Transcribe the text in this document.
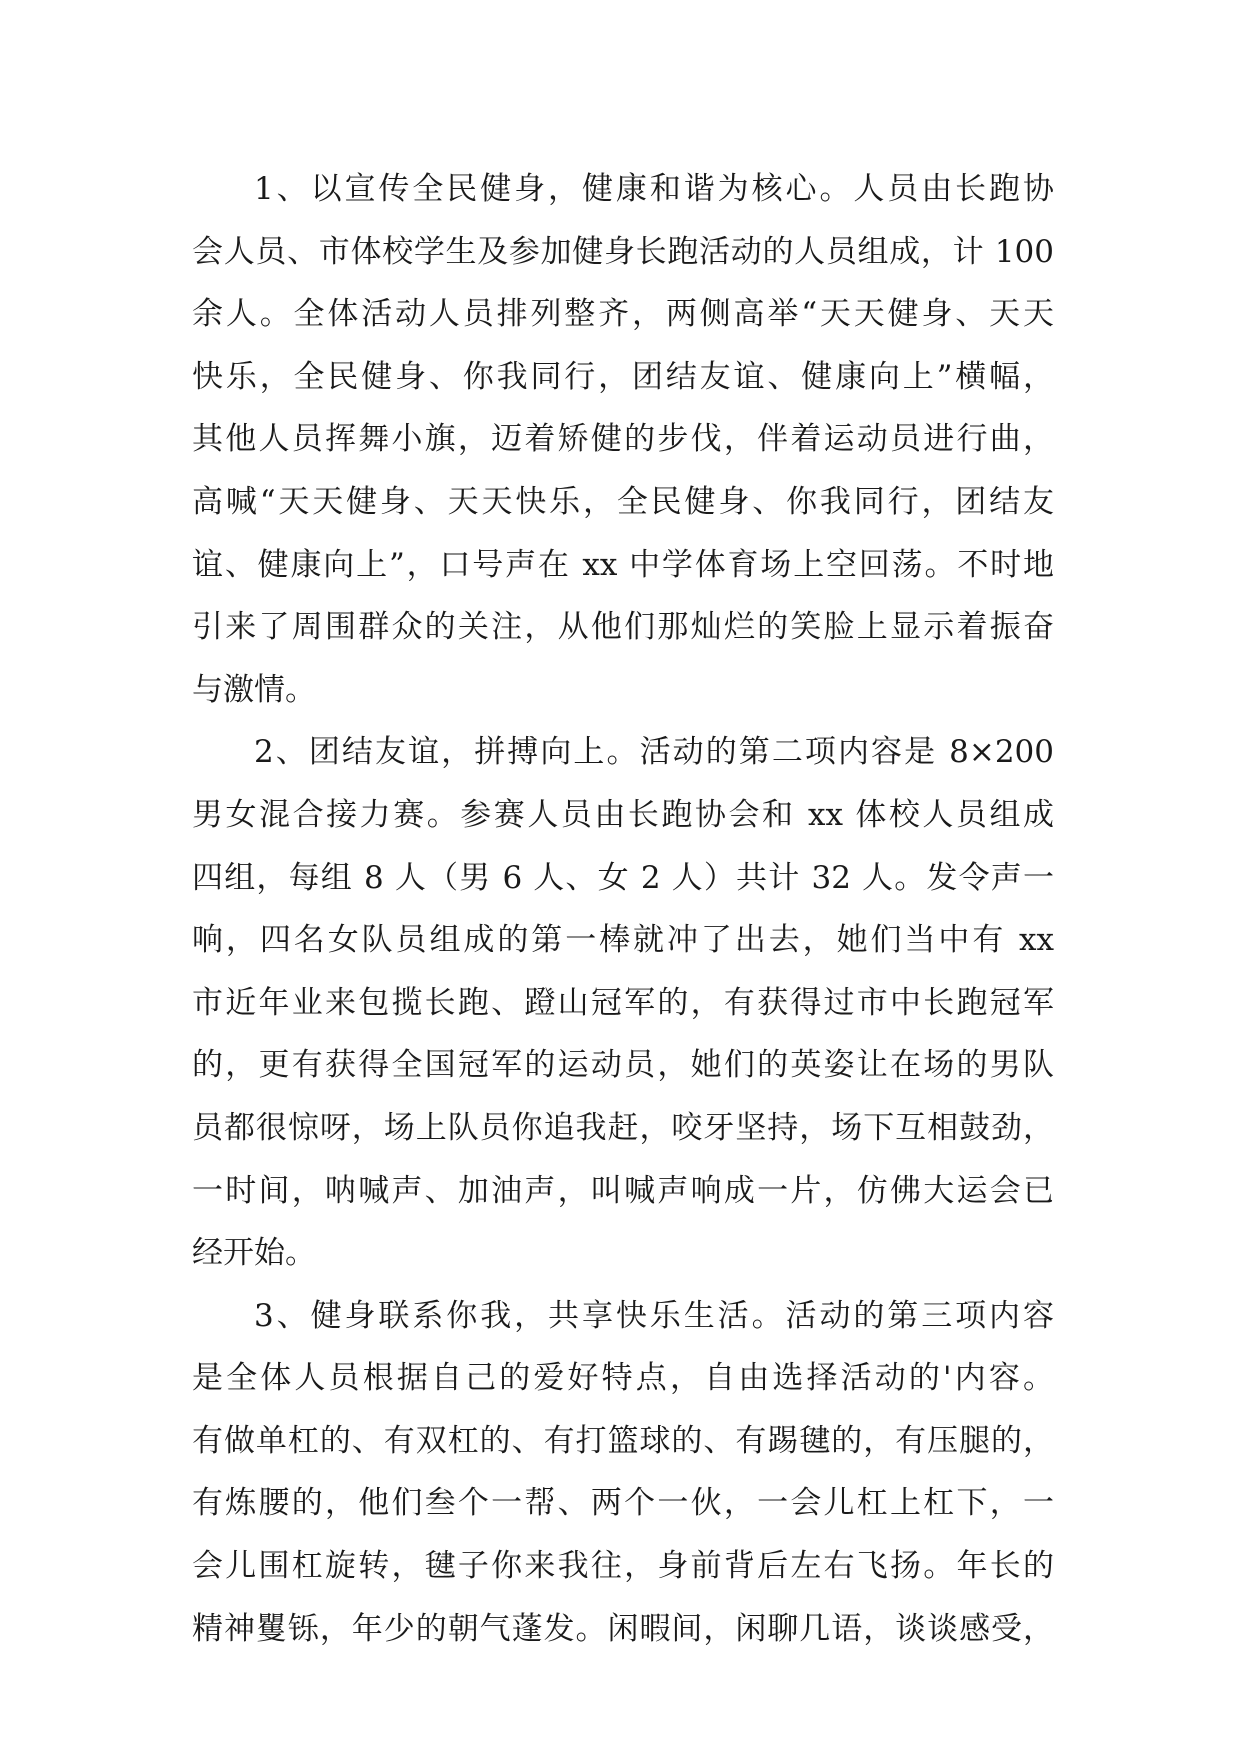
1、以宣传全民健身，健康和谐为核心。人员由长跑协
会人员、市体校学生及参加健身长跑活动的人员组成，计 100
余人。全体活动人员排列整齐，两侧高举“天天健身、天天
快乐，全民健身、你我同行，团结友谊、健康向上”横幅，
其他人员挥舞小旗，迈着矫健的步伐，伴着运动员进行曲，
高喊“天天健身、天天快乐，全民健身、你我同行，团结友
谊、健康向上”，口号声在 xx 中学体育场上空回荡。不时地
引来了周围群众的关注，从他们那灿烂的笑脸上显示着振奋
与激情。
2、团结友谊，拼搏向上。活动的第二项内容是 8×200
男女混合接力赛。参赛人员由长跑协会和 xx 体校人员组成
四组，每组 8 人（男 6 人、女 2 人）共计 32 人。发令声一
响，四名女队员组成的第一棒就冲了出去，她们当中有 xx
市近年业来包揽长跑、蹬山冠军的，有获得过市中长跑冠军
的，更有获得全国冠军的运动员，她们的英姿让在场的男队
员都很惊呀，场上队员你追我赶，咬牙坚持，场下互相鼓劲，
一时间，呐喊声、加油声，叫喊声响成一片，仿佛大运会已
经开始。
3、健身联系你我，共享快乐生活。活动的第三项内容
是全体人员根据自己的爱好特点，自由选择活动的'内容。
有做单杠的、有双杠的、有打篮球的、有踢毽的，有压腿的，
有炼腰的，他们叁个一帮、两个一伙，一会儿杠上杠下，一
会儿围杠旋转，毽子你来我往，身前背后左右飞扬。年长的
精神矍铄，年少的朝气蓬发。闲暇间，闲聊几语，谈谈感受，
